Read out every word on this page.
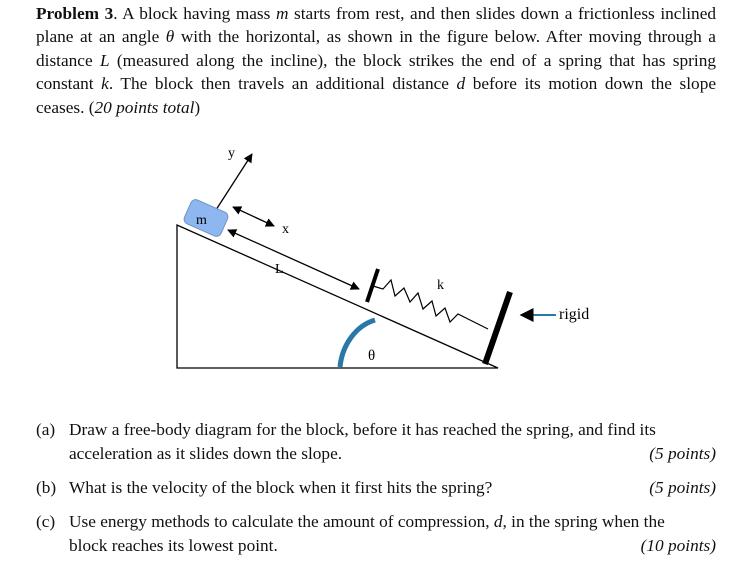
Problem 3. A block having mass m starts from rest, and then slides down a frictionless inclined plane at an angle θ with the horizontal, as shown in the figure below. After moving through a distance L (measured along the incline), the block strikes the end of a spring that has spring constant k. The block then travels an additional distance d before its motion down the slope ceases. (20 points total)
m
y
x
L
k
θ
rigid
(a) Draw a free-body diagram for the block, before it has reached the spring, and find its
acceleration as it slides down the slope.	(5 points)
(b) What is the velocity of the block when it first hits the spring?	(5 points)
(c) Use energy methods to calculate the amount of compression, d, in the spring when the
block reaches its lowest point.	(10 points)
